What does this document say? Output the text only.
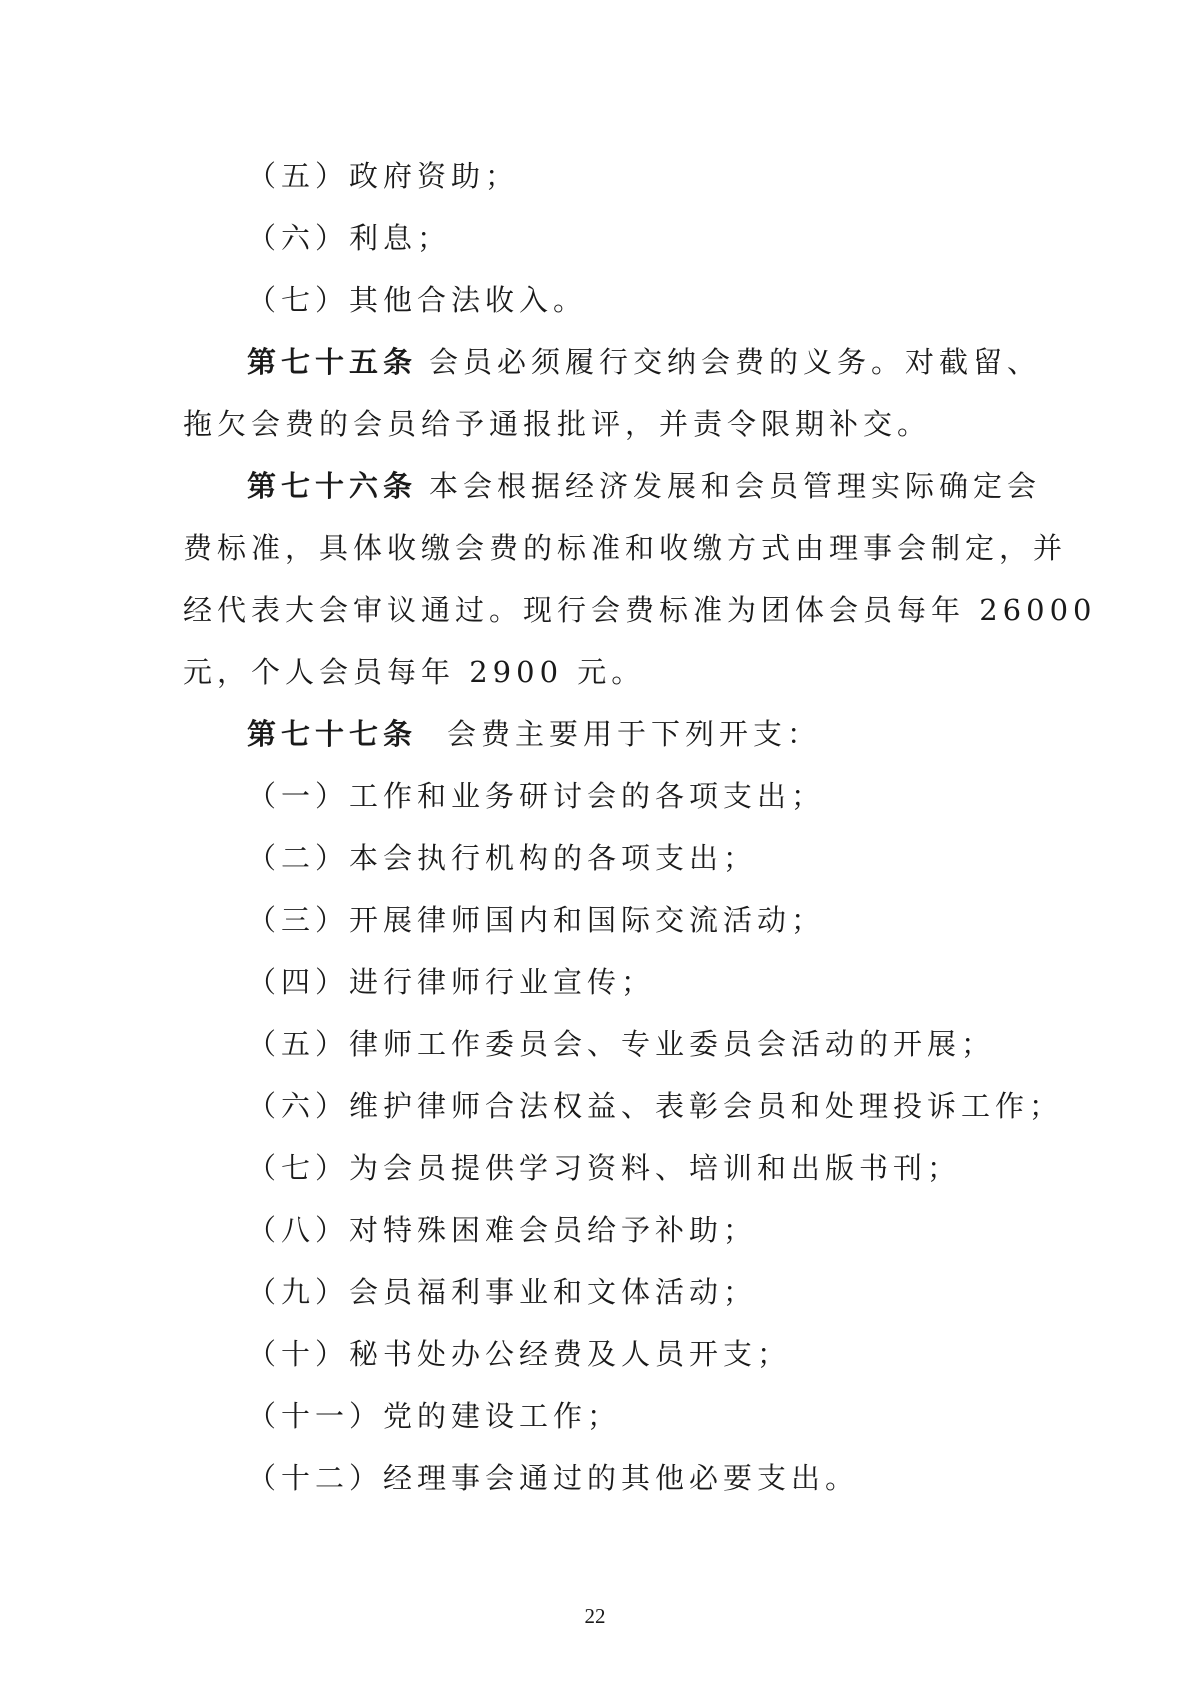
（五）政府资助；

（六）利息；

（七）其他合法收入。

第七十五条 会员必须履行交纳会费的义务。对截留、

拖欠会费的会员给予通报批评，并责令限期补交。

第七十六条 本会根据经济发展和会员管理实际确定会

费标准，具体收缴会费的标准和收缴方式由理事会制定，并

经代表大会审议通过。现行会费标准为团体会员每年 26000

元，个人会员每年 2900 元。

第七十七条 会费主要用于下列开支：

（一）工作和业务研讨会的各项支出；

（二）本会执行机构的各项支出；

（三）开展律师国内和国际交流活动；

（四）进行律师行业宣传；

（五）律师工作委员会、专业委员会活动的开展；

（六）维护律师合法权益、表彰会员和处理投诉工作；

（七）为会员提供学习资料、培训和出版书刊；

（八）对特殊困难会员给予补助；

（九）会员福利事业和文体活动；

（十）秘书处办公经费及人员开支；

（十一）党的建设工作；

（十二）经理事会通过的其他必要支出。

22
